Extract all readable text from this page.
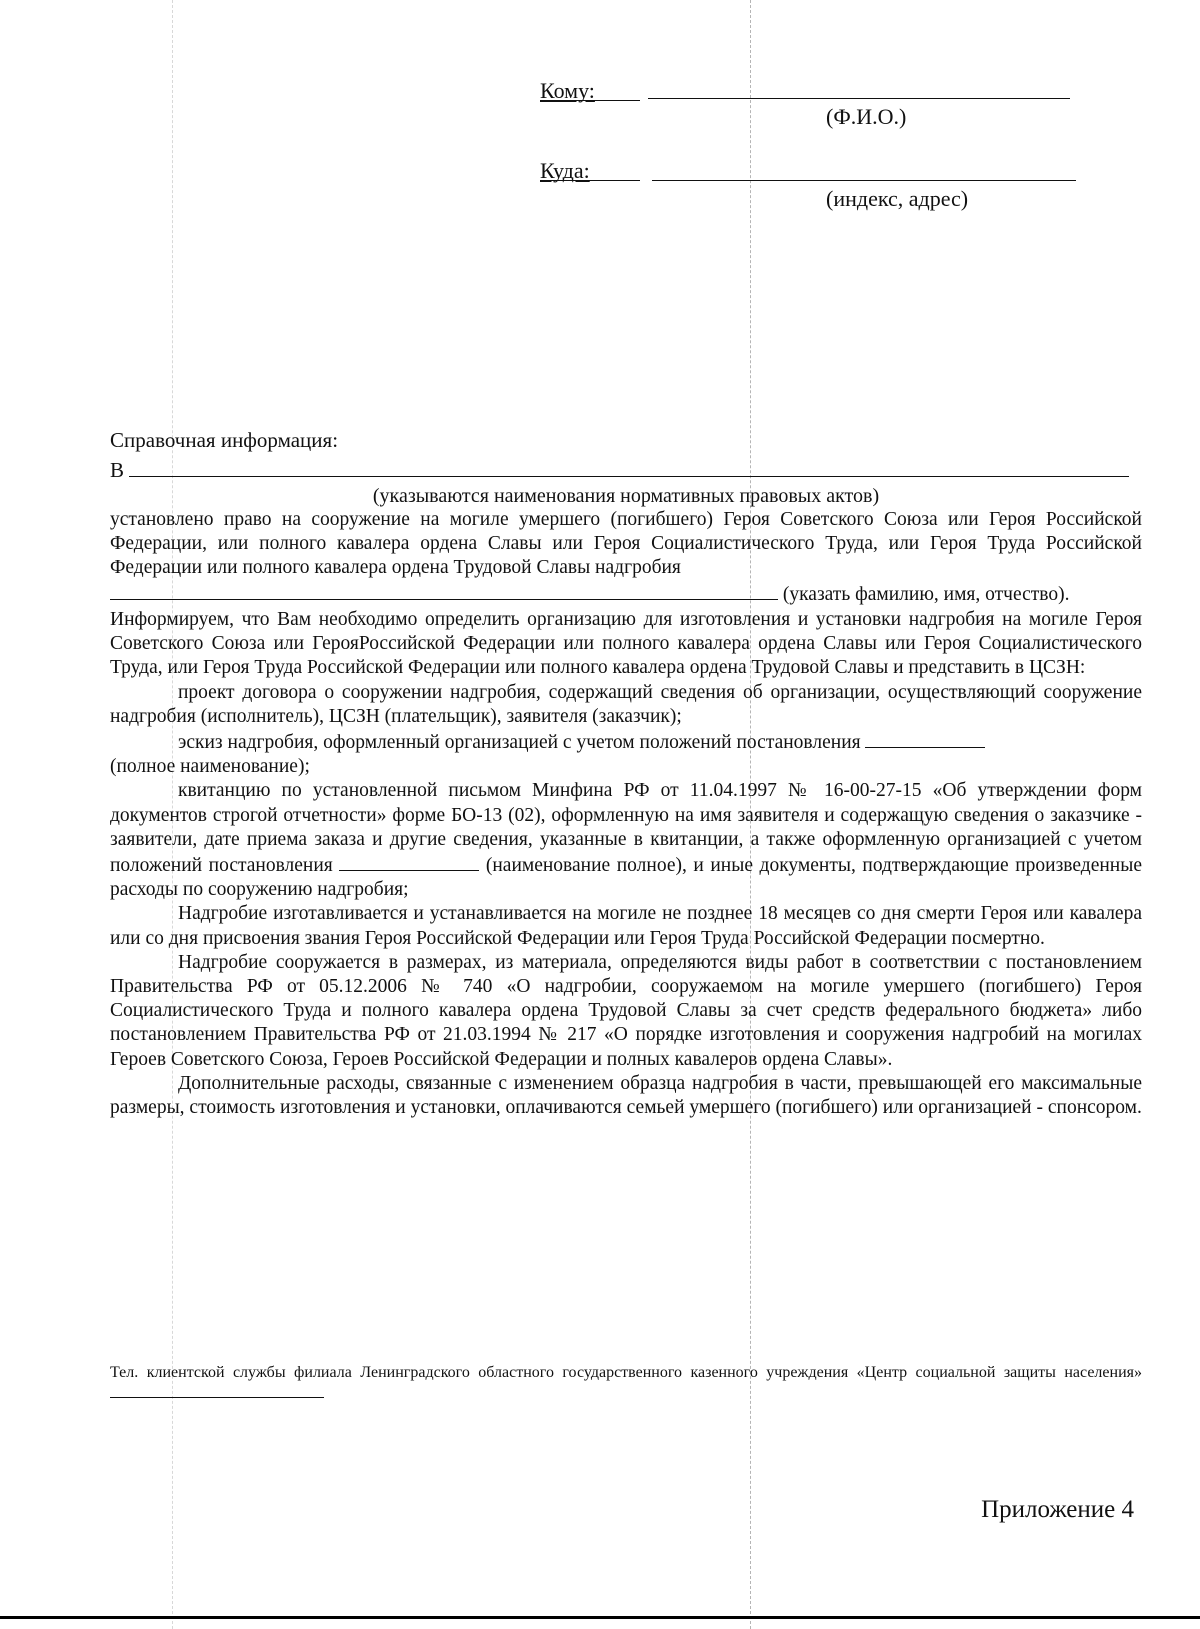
Кому:
(Ф.И.О.)
Куда:
(индекс, адрес)
Справочная информация:
В
(указываются наименования нормативных правовых актов)

установлено право на сооружение на могиле умершего (погибшего) Героя Советского Союза или Героя Российской Федерации, или полного кавалера ордена Славы или Героя Социалистического Труда, или Героя Труда Российской Федерации или полного кавалера ордена Трудовой Славы надгробия

(указать фамилию, имя, отчество).

Информируем, что Вам необходимо определить организацию для изготовления и установки надгробия на могиле Героя Советского Союза или ГерояРоссийской Федерации или полного кавалера ордена Славы или Героя Социалистического Труда, или Героя Труда Российской Федерации или полного кавалера ордена Трудовой Славы и представить в ЦСЗН:

проект договора о сооружении надгробия, содержащий сведения об организации, осуществляющий сооружение надгробия (исполнитель), ЦСЗН (плательщик), заявителя (заказчик);

эскиз надгробия, оформленный организацией с учетом положений постановления

(полное наименование);

квитанцию по установленной письмом Минфина РФ от 11.04.1997 № 16-00-27-15 «Об утверждении форм документов строгой отчетности» форме БО-13 (02), оформленную на имя заявителя и содержащую сведения о заказчике - заявители, дате приема заказа и другие сведения, указанные в квитанции, а также оформленную организацией с учетом положений постановления	(наименование полное), и иные документы, подтверждающие произведенные расходы по сооружению надгробия;

Надгробие изготавливается и устанавливается на могиле не позднее 18 месяцев со дня смерти Героя или кавалера или со дня присвоения звания Героя Российской Федерации или Героя Труда Российской Федерации посмертно.

Надгробие сооружается в размерах, из материала, определяются виды работ в соответствии с постановлением Правительства РФ от 05.12.2006 № 740 «О надгробии, сооружаемом на могиле умершего (погибшего) Героя Социалистического Труда и полного кавалера ордена Трудовой Славы за счет средств федерального бюджета» либо постановлением Правительства РФ от 21.03.1994 № 217 «О порядке изготовления и сооружения надгробий на могилах Героев Советского Союза, Героев Российской Федерации и полных кавалеров ордена Славы».

Дополнительные расходы, связанные с изменением образца надгробия в части, превышающей его максимальные размеры, стоимость изготовления и установки, оплачиваются семьей умершего (погибшего) или организацией - спонсором.

Тел. клиентской службы филиала Ленинградского областного государственного казенного учреждения «Центр социальной защиты населения»
Приложение 4
